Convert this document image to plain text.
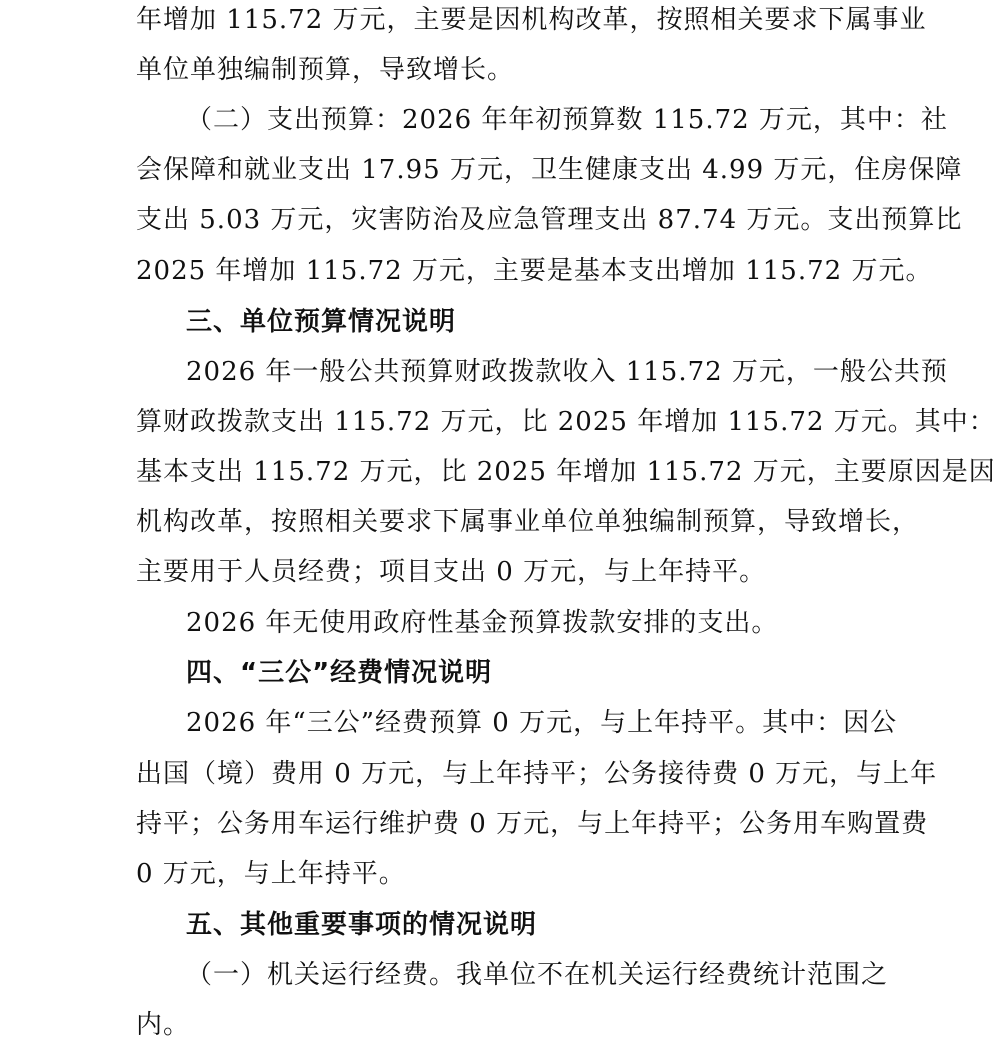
年增加 115.72 万元，主要是因机构改革，按照相关要求下属事业
单位单独编制预算，导致增长。
（二）支出预算：2026 年年初预算数 115.72 万元，其中：社
会保障和就业支出 17.95 万元，卫生健康支出 4.99 万元，住房保障
支出 5.03 万元，灾害防治及应急管理支出 87.74 万元。支出预算比
2025 年增加 115.72 万元，主要是基本支出增加 115.72 万元。
三、单位预算情况说明
2026 年一般公共预算财政拨款收入 115.72 万元，一般公共预
算财政拨款支出 115.72 万元，比 2025 年增加 115.72 万元。其中：
基本支出 115.72 万元，比 2025 年增加 115.72 万元，主要原因是因
机构改革，按照相关要求下属事业单位单独编制预算，导致增长，
主要用于人员经费；项目支出 0 万元，与上年持平。
2026 年无使用政府性基金预算拨款安排的支出。
四、“三公”经费情况说明
2026 年“三公”经费预算 0 万元，与上年持平。其中：因公
出国（境）费用 0 万元，与上年持平；公务接待费 0 万元，与上年
持平；公务用车运行维护费 0 万元，与上年持平；公务用车购置费
0 万元，与上年持平。
五、其他重要事项的情况说明
（一）机关运行经费。我单位不在机关运行经费统计范围之
内。
